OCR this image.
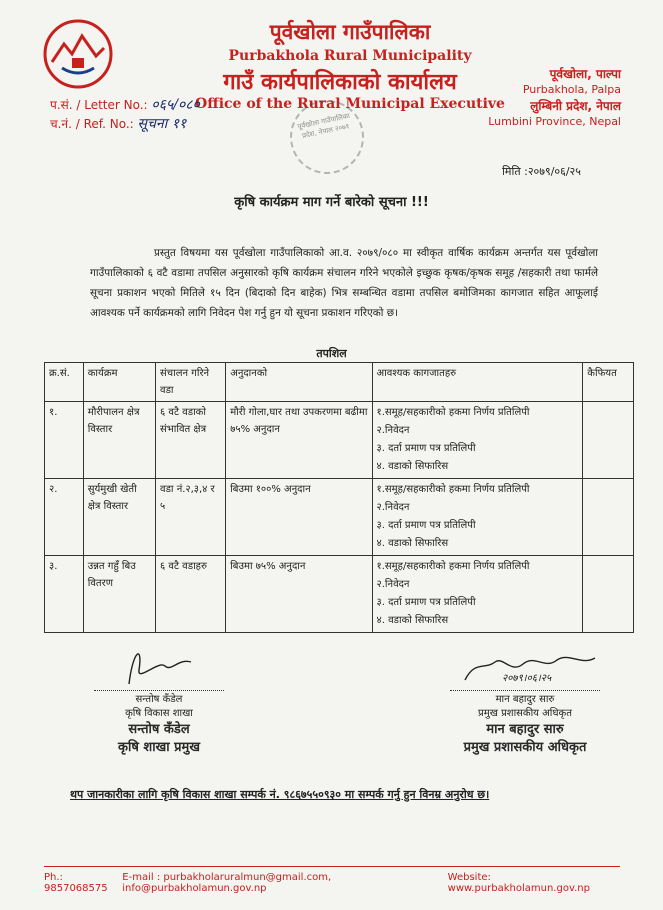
पूर्वखोला गाउँपालिका
Purbakhola Rural Municipality
गाउँ कार्यपालिकाको कार्यालय
Office of the Rural Municipal Executive
पूर्वखोला, पाल्पा
Purbakhola, Palpa
लुम्बिनी प्रदेश, नेपाल
Lumbini Province, Nepal
प.सं. / Letter No.: ०६५/०८०
च.नं. / Ref. No.: सूचना ११	पूर्वखोला गाउँपालिका प्रदेश, नेपाल २०७१
मिति :२०७९/०६/२५
कृषि कार्यक्रम माग गर्ने बारेको सूचना !!!
प्रस्तुत विषयमा यस पूर्वखोला गाउँपालिकाको आ.व. २०७९/०८० मा स्वीकृत वार्षिक कार्यक्रम अन्तर्गत यस पूर्वखोला गाउँपालिकाको ६ वटै वडामा तपसिल अनुसारको कृषि कार्यक्रम संचालन गरिने भएकोले इच्छुक कृषक/कृषक समूह /सहकारी तथा फार्मले सूचना प्रकाशन भएको मितिले १५ दिन (बिदाको दिन बाहेक) भित्र सम्बन्धित वडामा तपसिल बमोजिमका कागजात सहित आफूलाई आवश्यक पर्ने कार्यक्रमको लागि निवेदन पेश गर्नु हुन यो सूचना प्रकाशन गरिएको छ।
तपशिल
क्र.सं.	कार्यक्रम	संचालन गरिने वडा	अनुदानको	आवश्यक कागजातहरु	कैफियत
१.	मौरीपालन क्षेत्र विस्तार	६ वटै वडाको संभावित क्षेत्र	मौरी गोला,घार तथा उपकरणमा बढीमा ७५% अनुदान	१.समूह/सहकारीको हकमा निर्णय प्रतिलिपी
२.निवेदन
३. दर्ता प्रमाण पत्र प्रतिलिपी
४. वडाको सिफारिस	

२.	सुर्यमुखी खेती क्षेत्र विस्तार	वडा नं.२,३,४ र ५	बिउमा १००% अनुदान	१.समूह/सहकारीको हकमा निर्णय प्रतिलिपी
२.निवेदन
३. दर्ता प्रमाण पत्र प्रतिलिपी
४. वडाको सिफारिस	

३.	उन्नत गहुँ बिउ वितरण	६ वटै वडाहरु	बिउमा ७५% अनुदान	१.समूह/सहकारीको हकमा निर्णय प्रतिलिपी
२.निवेदन
३. दर्ता प्रमाण पत्र प्रतिलिपी
४. वडाको सिफारिस	

सन्तोष कँडेल
कृषि विकास शाखा
सन्तोष कँडेल
कृषि शाखा प्रमुख
२०७९।०६।२५
मान बहादुर सारु
प्रमुख प्रशासकीय अधिकृत
मान बहादुर सारु
प्रमुख प्रशासकीय अधिकृत
थप जानकारीका लागि कृषि विकास शाखा सम्पर्क नं. ९८६७५५०९३० मा सम्पर्क गर्नु हुन विनम्र अनुरोध छ।
Ph.: 9857068575
E-mail : purbakholaruralmun@gmail.com, info@purbakholamun.gov.np
Website: www.purbakholamun.gov.np
